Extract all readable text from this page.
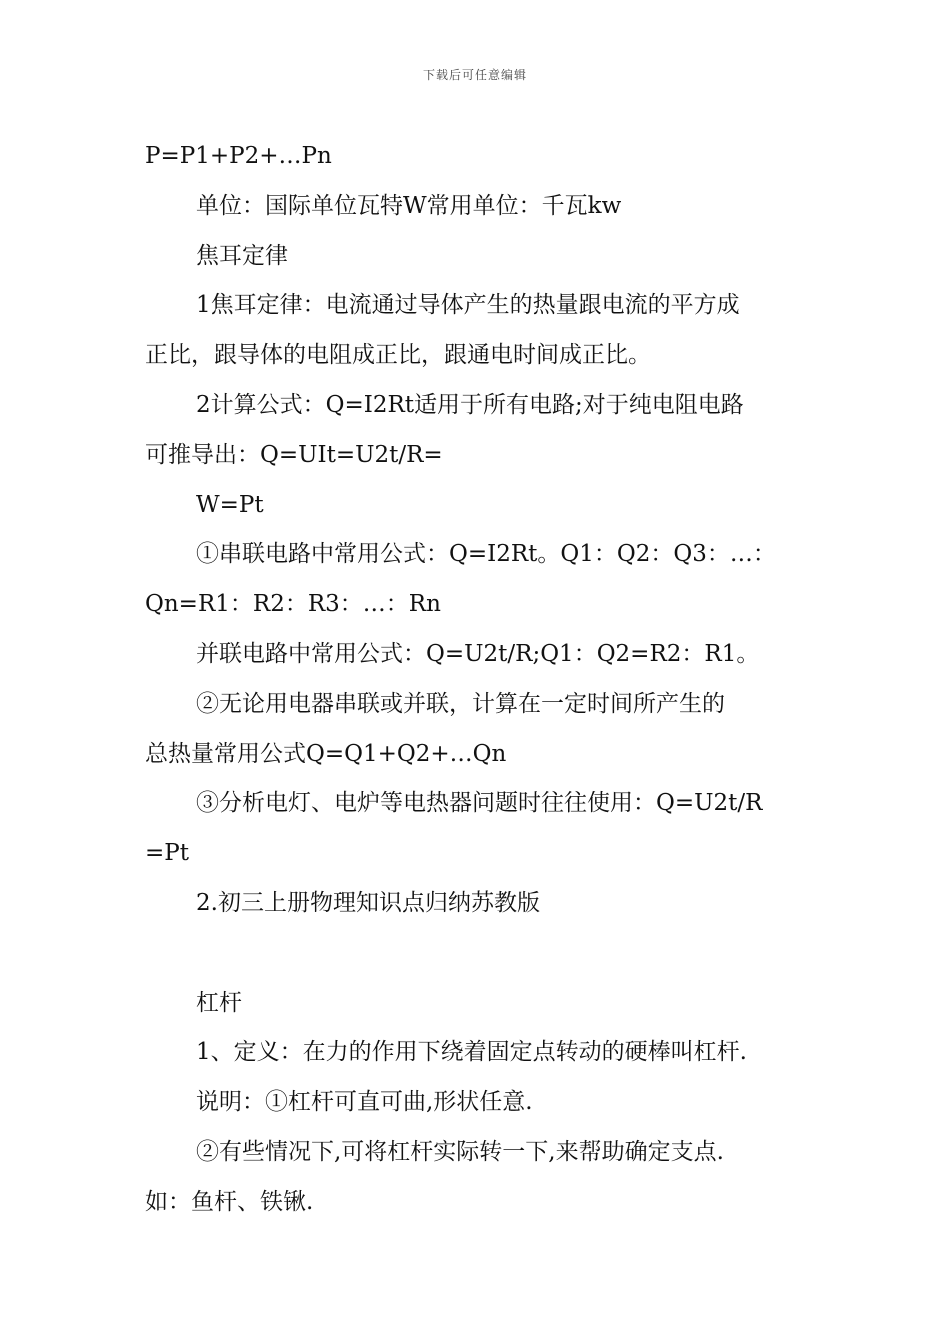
下载后可任意编辑
P=P1+P2+…Pn
单位：国际单位瓦特W常用单位：千瓦kw
焦耳定律
1焦耳定律：电流通过导体产生的热量跟电流的平方成
正比，跟导体的电阻成正比，跟通电时间成正比。
2计算公式：Q=I2Rt适用于所有电路;对于纯电阻电路
可推导出：Q=UIt=U2t/R=
W=Pt
①串联电路中常用公式：Q=I2Rt。Q1：Q2：Q3：…：
Qn=R1：R2：R3：…：Rn
并联电路中常用公式：Q=U2t/R;Q1：Q2=R2：R1。
②无论用电器串联或并联，计算在一定时间所产生的
总热量常用公式Q=Q1+Q2+…Qn
③分析电灯、电炉等电热器问题时往往使用：Q=U2t/R
=Pt
2.初三上册物理知识点归纳苏教版
杠杆
1、定义：在力的作用下绕着固定点转动的硬棒叫杠杆.
说明：①杠杆可直可曲,形状任意.
②有些情况下,可将杠杆实际转一下,来帮助确定支点.
如：鱼杆、铁锹.
